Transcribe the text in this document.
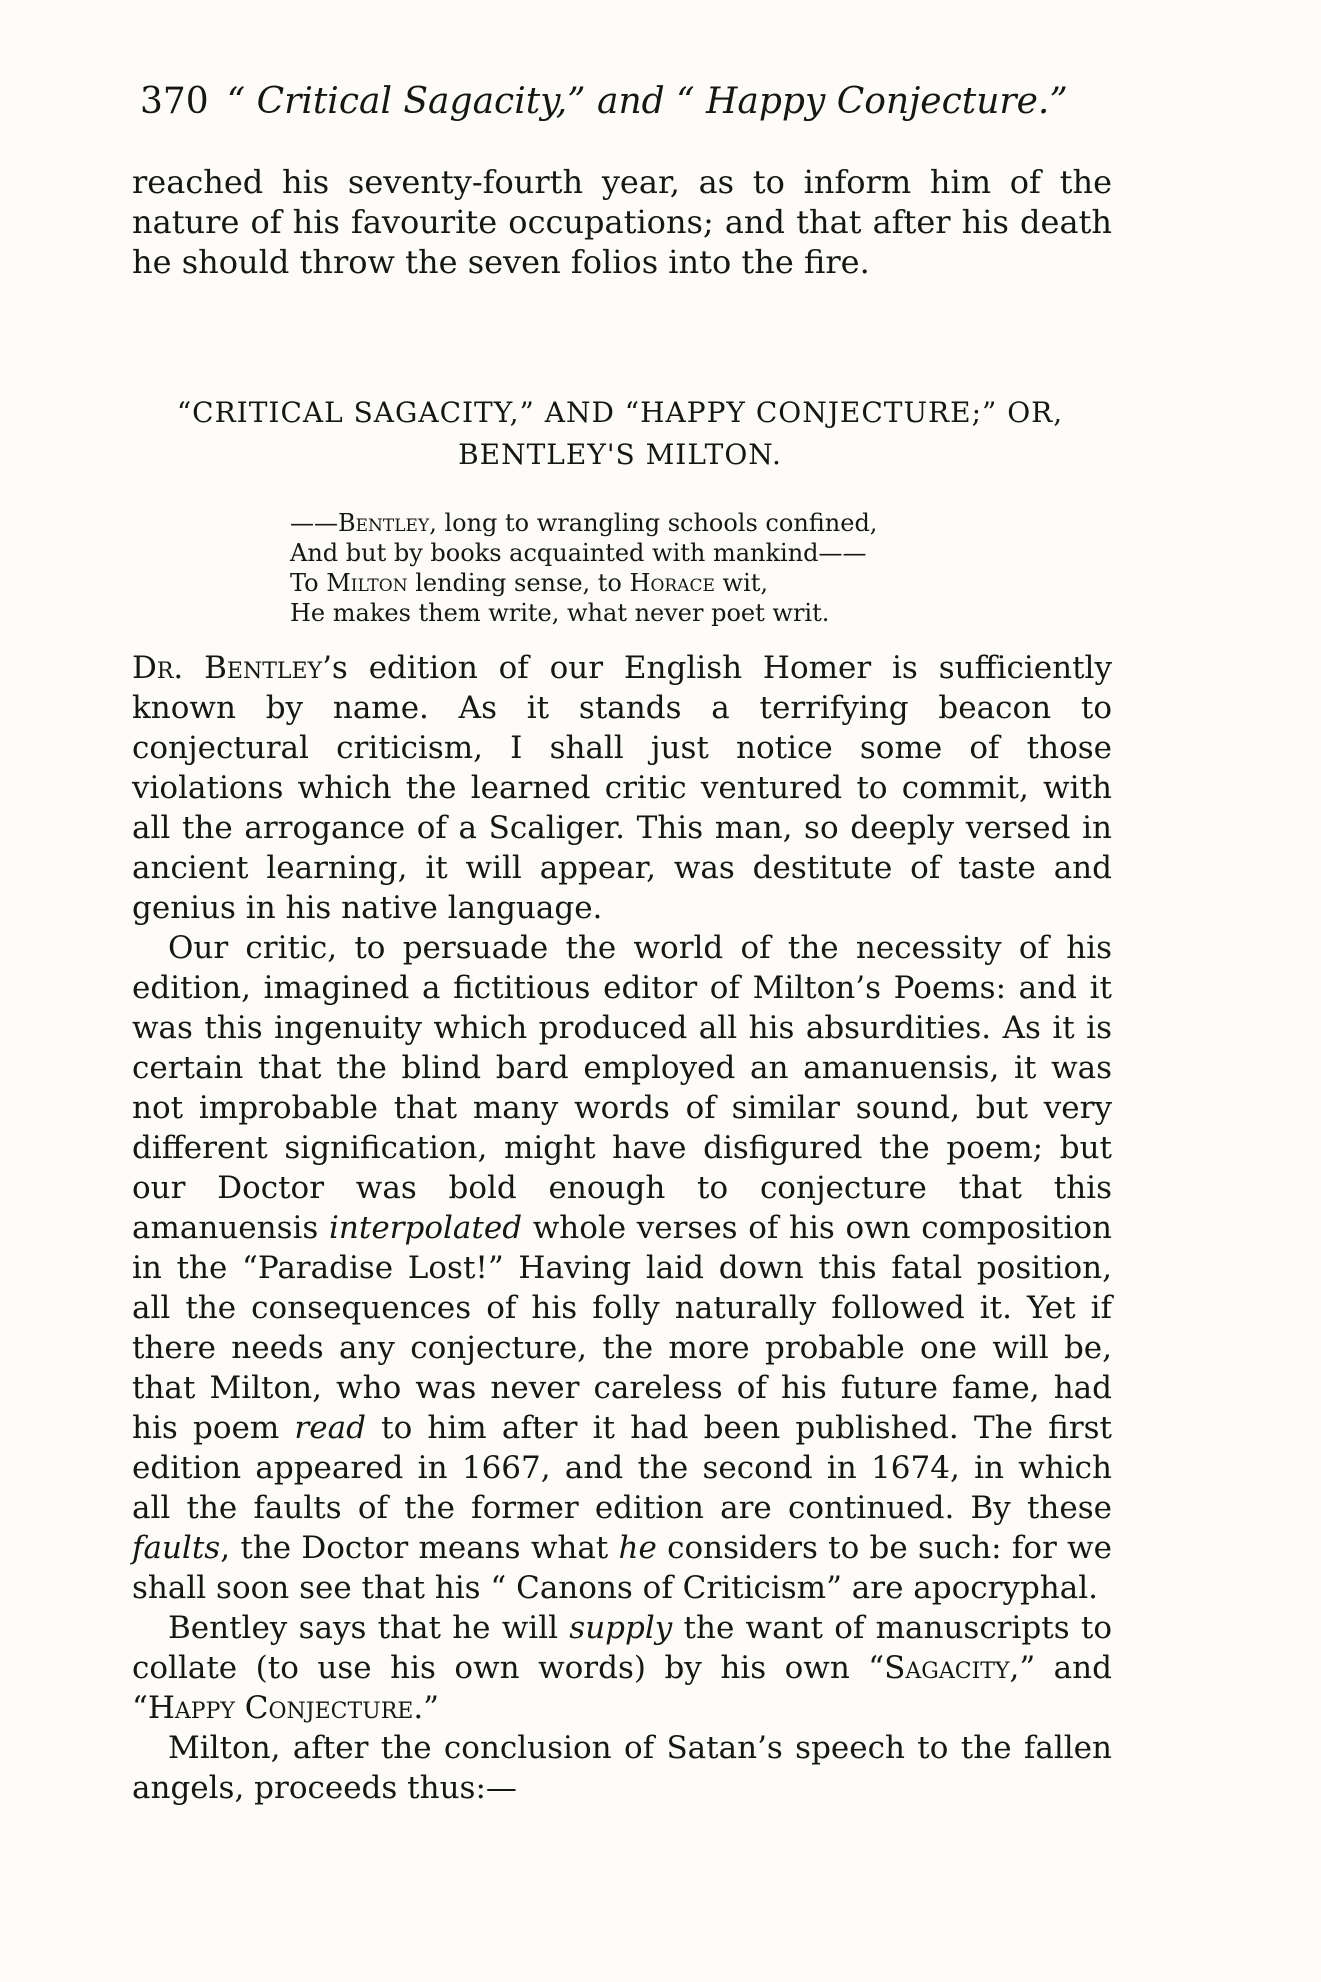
370 “ Critical Sagacity,” and “ Happy Conjecture.”

reached his seventy-fourth year, as to inform him of the nature of his favourite occupations; and that after his death he should throw the seven folios into the fire.

“CRITICAL SAGACITY,” AND “HAPPY CONJECTURE;” OR,
BENTLEY'S MILTON.
——Bentley, long to wrangling schools confined,
And but by books acquainted with mankind——
To Milton lending sense, to Horace wit,
He makes them write, what never poet writ.

Dr. Bentley’s edition of our English Homer is sufficiently known by name. As it stands a terrifying beacon to conjectural criticism, I shall just notice some of those violations which the learned critic ventured to commit, with all the arrogance of a Scaliger. This man, so deeply versed in ancient learning, it will appear, was destitute of taste and genius in his native language.

Our critic, to persuade the world of the necessity of his edition, imagined a fictitious editor of Milton’s Poems: and it was this ingenuity which produced all his absurdities. As it is certain that the blind bard employed an amanuensis, it was not improbable that many words of similar sound, but very different signification, might have disfigured the poem; but our Doctor was bold enough to conjecture that this amanuensis interpolated whole verses of his own composition in the “Paradise Lost!” Having laid down this fatal position, all the consequences of his folly naturally followed it. Yet if there needs any conjecture, the more probable one will be, that Milton, who was never careless of his future fame, had his poem read to him after it had been published. The first edition appeared in 1667, and the second in 1674, in which all the faults of the former edition are continued. By these faults, the Doctor means what he considers to be such: for we shall soon see that his “ Canons of Criticism” are apocryphal.

Bentley says that he will supply the want of manuscripts to collate (to use his own words) by his own “Sagacity,” and “Happy Conjecture.”

Milton, after the conclusion of Satan’s speech to the fallen angels, proceeds thus:—
